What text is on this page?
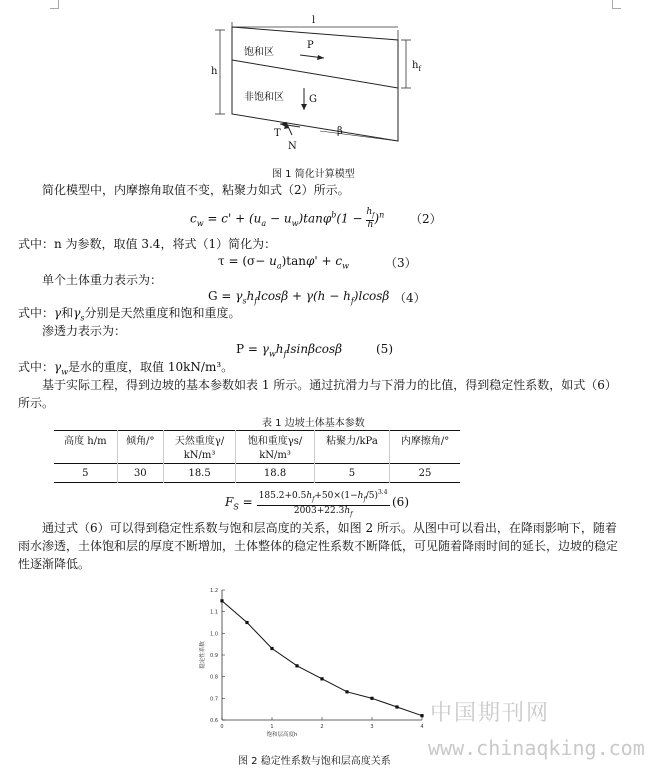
l
h
$h_f$
饱和区
非饱和区
P
G
T
N
β
图 1 简化计算模型
简化模型中，内摩擦角取值不变，粘聚力如式（2）所示。
$c_w = c' + (u_a - u_w)\tan\varphi^b(1 - \frac{h_f}{h} )^n$ （2）
式中：n 为参数，取值 3.4，将式（1）简化为：
$\tau = (\sigma- u_a)\tan\varphi' + c_w$	（3）
单个土体重力表示为：
$G = \gamma_sh_flcos\beta + \gamma(h - h_f)lcos\beta$ （4）
式中：γ和$\gamma_s$分别是天然重度和饱和重度。
渗透力表示为：
$P = \gamma_wh_flsin\beta\cos\beta$	(5)
式中：$\gamma_w$是水的重度，取值 10kN/m³。
基于实际工程，得到边坡的基本参数如表 1 所示。通过抗滑力与下滑力的比值，得到稳定性系数，如式（6）
所示。
表 1 边坡土体基本参数
高度 h/m	倾角/°	天然重度γ/	饱和重度γs/	粘聚力/kPa	内摩擦角/°
		kN/m³	kN/m³		
5	30	18.5	18.8	5	25
$F_S = \frac{185.2+0.5h_f+50\times(1-h_f/5)^{3.4}}{2003+22.3h_f} (6)$
通过式（6）可以得到稳定性系数与饱和层高度的关系，如图 2 所示。从图中可以看出，在降雨影响下，随着
雨水渗透，土体饱和层的厚度不断增加，土体整体的稳定性系数不断降低，可见随着降雨时间的延长，边坡的稳定
性逐渐降低。
0.6
0.7
0.8
0.9
1.0
1.1
1.2
0	1	2	3	4
饱和层高度h
稳定性系数
图 2 稳定性系数与饱和层高度关系
中国期刊网
www.chinaqking.com
